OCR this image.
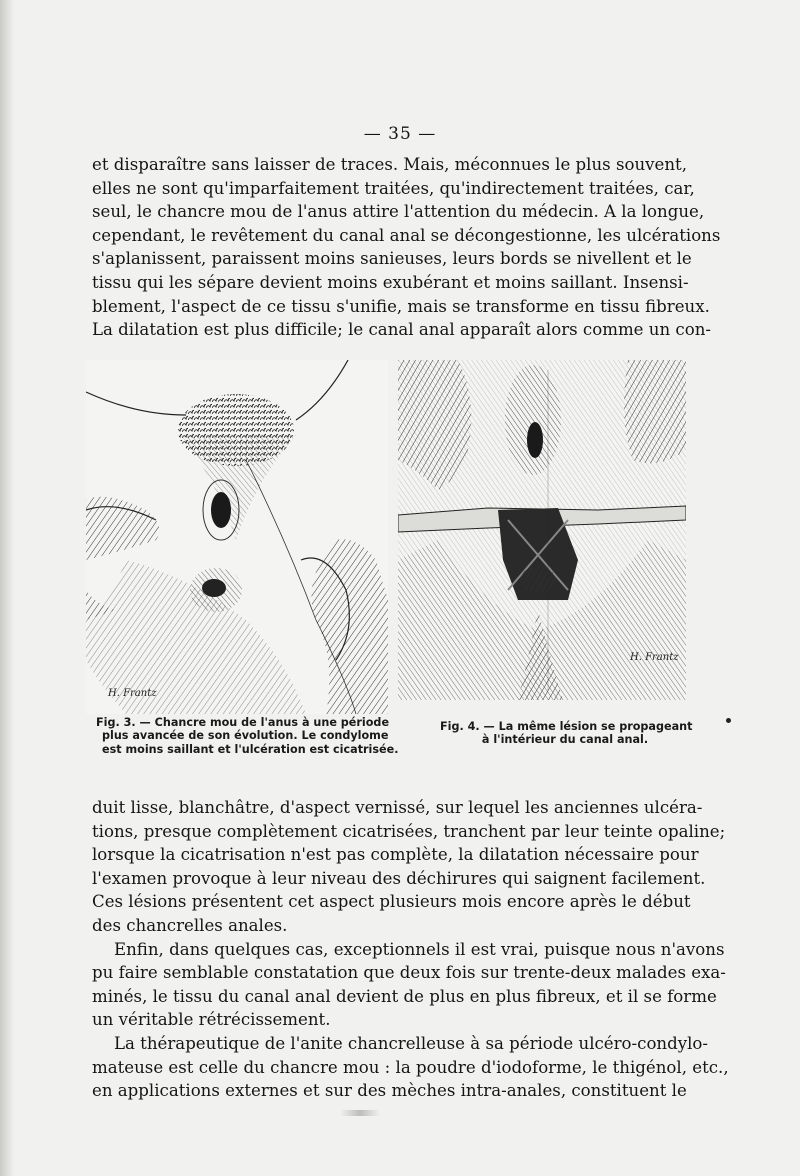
— 35 —
et disparaître sans laisser de traces. Mais, méconnues le plus souvent,
elles ne sont qu'imparfaitement traitées, qu'indirectement traitées, car,
seul, le chancre mou de l'anus attire l'attention du médecin. A la longue,
cependant, le revêtement du canal anal se décongestionne, les ulcérations
s'aplanissent, paraissent moins sanieuses, leurs bords se nivellent et le
tissu qui les sépare devient moins exubérant et moins saillant. Insensi-
blement, l'aspect de ce tissu s'unifie, mais se transforme en tissu fibreux.
La dilatation est plus difficile; le canal anal apparaît alors comme un con-
H. Frantz
H. Frantz
Fig. 3. — Chancre mou de l'anus à une période
plus avancée de son évolution. Le condylome
est moins saillant et l'ulcération est cicatrisée.
Fig. 4. — La même lésion se propageant
à l'intérieur du canal anal.
duit lisse, blanchâtre, d'aspect vernissé, sur lequel les anciennes ulcéra-
tions, presque complètement cicatrisées, tranchent par leur teinte opaline;
lorsque la cicatrisation n'est pas complète, la dilatation nécessaire pour
l'examen provoque à leur niveau des déchirures qui saignent facilement.
Ces lésions présentent cet aspect plusieurs mois encore après le début
des chancrelles anales.
Enfin, dans quelques cas, exceptionnels il est vrai, puisque nous n'avons
pu faire semblable constatation que deux fois sur trente-deux malades exa-
minés, le tissu du canal anal devient de plus en plus fibreux, et il se forme
un véritable rétrécissement.
La thérapeutique de l'anite chancrelleuse à sa période ulcéro-condylo-
mateuse est celle du chancre mou : la poudre d'iodoforme, le thigénol, etc.,
en applications externes et sur des mèches intra-anales, constituent le
